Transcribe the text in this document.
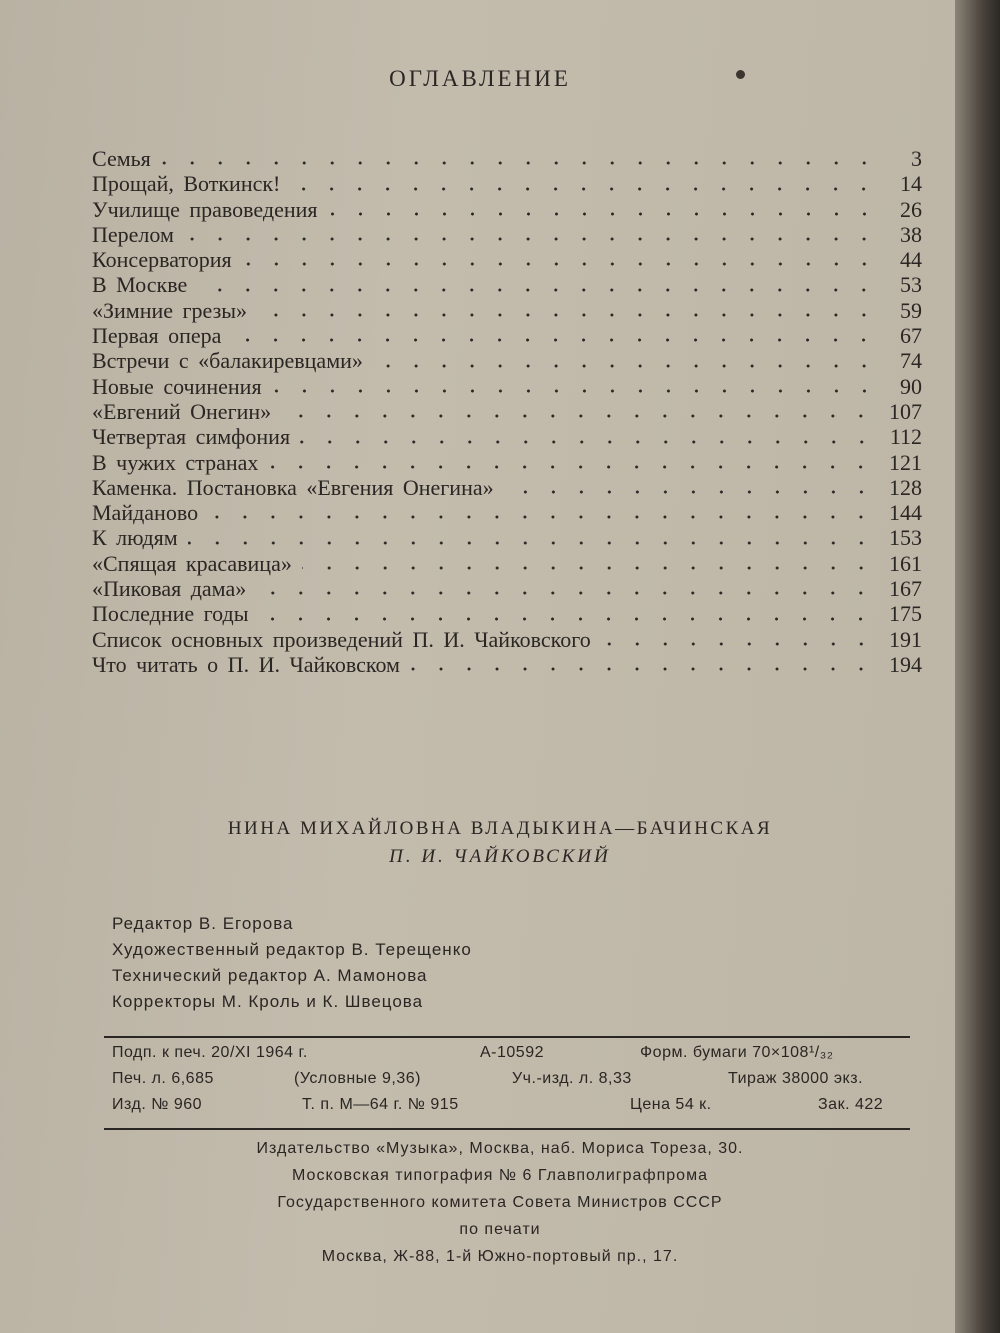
ОГЛАВЛЕНИЕ
Семья	3
Прощай, Воткинск!	14
Училище правоведения	26
Перелом	38
Консерватория	44
В Москве	53
«Зимние грезы»	59
Первая опера	67
Встречи с «балакиревцами»	74
Новые сочинения	90
«Евгений Онегин»	107
Четвертая симфония	112
В чужих странах	121
Каменка. Постановка «Евгения Онегина»	128
Майданово	144
К людям	153
«Спящая красавица»	161
«Пиковая дама»	167
Последние годы	175
Список основных произведений П. И. Чайковского	191
Что читать о П. И. Чайковском	194
НИНА МИХАЙЛОВНА ВЛАДЫКИНА—БАЧИНСКАЯ
П. И. ЧАЙКОВСКИЙ
Редактор В. Егорова
Художественный редактор В. Терещенко
Технический редактор А. Мамонова
Корректоры М. Кроль и К. Швецова
Подп. к печ. 20/XI 1964 г.	А-10592	Форм. бумаги 70×108¹/₃₂
Печ. л. 6,685	(Условные 9,36)	Уч.-изд. л. 8,33	Тираж 38000 экз.
Изд. № 960	Т. п. М—64 г. № 915	Цена 54 к.	Зак. 422
Издательство «Музыка», Москва, наб. Мориса Тореза, 30.
Московская типография № 6 Главполиграфпрома
Государственного комитета Совета Министров СССР
по печати
Москва, Ж-88, 1-й Южно-портовый пр., 17.
